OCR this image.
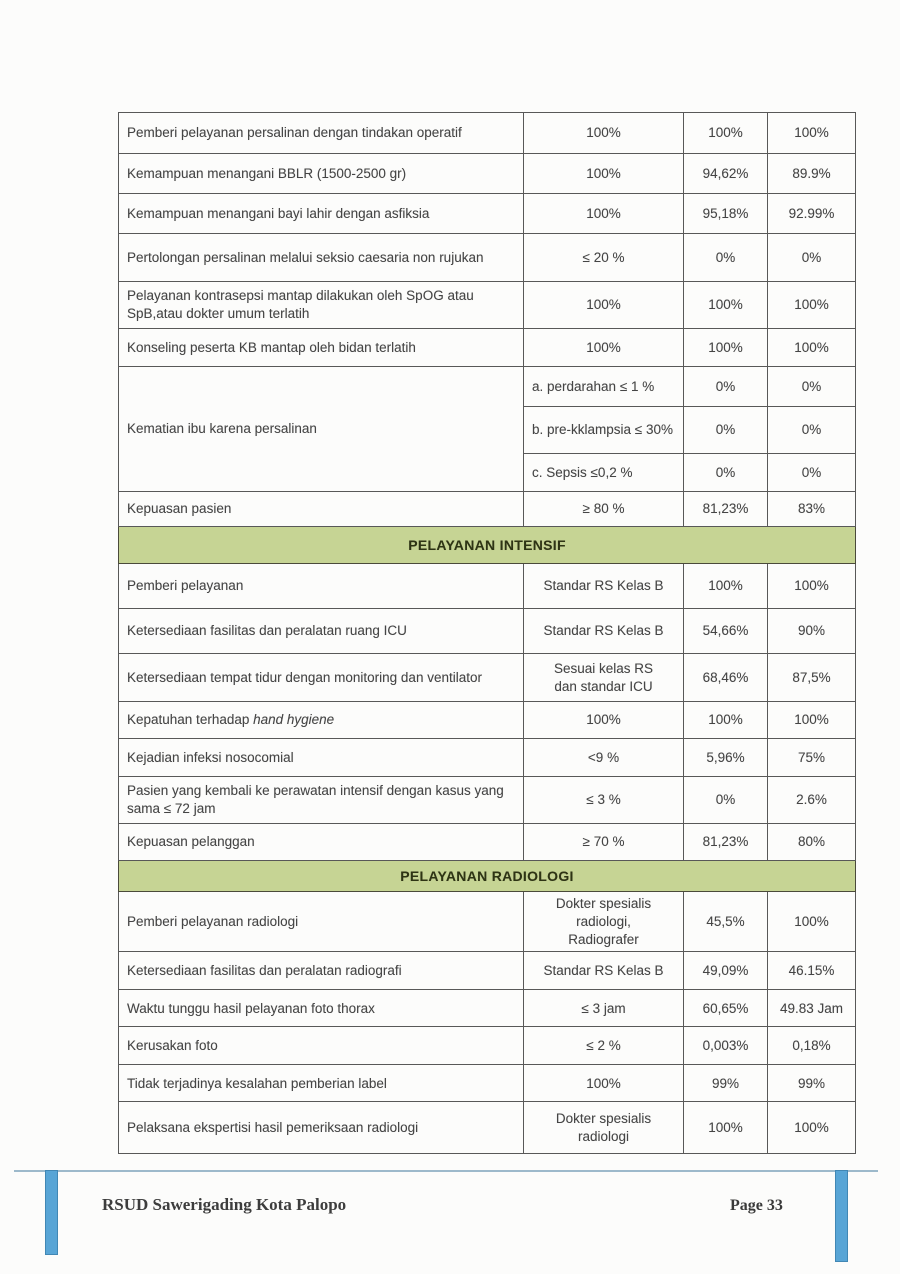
Pemberi pelayanan persalinan dengan tindakan operatif	100%	100%	100%
Kemampuan menangani BBLR (1500-2500 gr)	100%	94,62%	89.9%
Kemampuan menangani bayi lahir dengan asfiksia	100%	95,18%	92.99%
Pertolongan persalinan melalui seksio caesaria non rujukan	≤ 20 %	0%	0%
Pelayanan kontrasepsi mantap dilakukan oleh SpOG atau SpB,atau dokter umum terlatih	100%	100%	100%
Konseling peserta KB mantap oleh bidan terlatih	100%	100%	100%
Kematian ibu karena persalinan	a. perdarahan ≤ 1 %	0%	0%
	b. pre-kklampsia ≤ 30%	0%	0%
	c. Sepsis ≤0,2 %	0%	0%
Kepuasan pasien	≥ 80 %	81,23%	83%
PELAYANAN INTENSIF			
Pemberi pelayanan	Standar RS Kelas B	100%	100%
Ketersediaan fasilitas dan peralatan ruang ICU	Standar RS Kelas B	54,66%	90%
Ketersediaan tempat tidur dengan monitoring dan ventilator	Sesuai kelas RS
dan standar ICU	68,46%	87,5%
Kepatuhan terhadap hand hygiene	100%	100%	100%
Kejadian infeksi nosocomial	<9 %	5,96%	75%
Pasien yang kembali ke perawatan intensif dengan kasus yang sama ≤ 72 jam	≤ 3 %	0%	2.6%
Kepuasan pelanggan	≥ 70 %	81,23%	80%
PELAYANAN RADIOLOGI			
Pemberi pelayanan radiologi	Dokter spesialis
radiologi,
Radiografer	45,5%	100%
Ketersediaan fasilitas dan peralatan radiografi	Standar RS Kelas B	49,09%	46.15%
Waktu tunggu hasil pelayanan foto thorax	≤ 3 jam	60,65%	49.83 Jam
Kerusakan foto	≤ 2 %	0,003%	0,18%
Tidak terjadinya kesalahan pemberian label	100%	99%	99%
Pelaksana ekspertisi hasil pemeriksaan radiologi	Dokter spesialis
radiologi	100%	100%
RSUD Sawerigading Kota Palopo	Page 33
